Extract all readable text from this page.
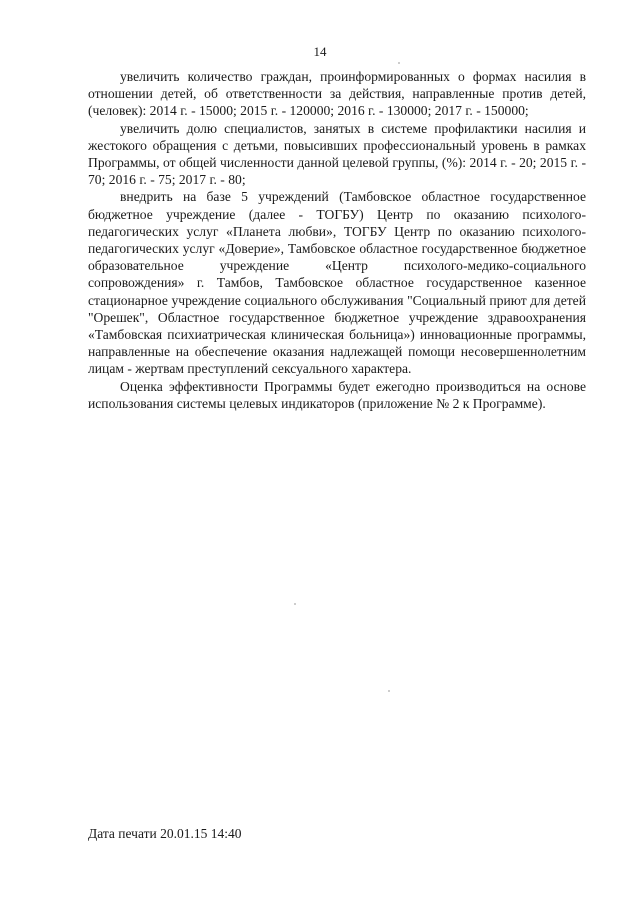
14

увеличить количество граждан, проинформированных о формах насилия в отношении детей, об ответственности за действия, направленные против детей, (человек): 2014 г. - 15000; 2015 г. - 120000; 2016 г. - 130000; 2017 г. - 150000;

увеличить долю специалистов, занятых в системе профилактики насилия и жестокого обращения с детьми, повысивших профессиональный уровень в рамках Программы, от общей численности данной целевой группы, (%): 2014 г. - 20; 2015 г. - 70; 2016 г. - 75; 2017 г. - 80;

внедрить на базе 5 учреждений (Тамбовское областное государственное бюджетное учреждение (далее - ТОГБУ) Центр по оказанию психолого-педагогических услуг «Планета любви», ТОГБУ Центр по оказанию психолого-педагогических услуг «Доверие», Тамбовское областное государственное бюджетное образовательное учреждение «Центр психолого-медико-социального сопровождения» г. Тамбов, Тамбовское областное государственное казенное стационарное учреждение социального обслуживания "Социальный приют для детей "Орешек", Областное государственное бюджетное учреждение здравоохранения «Тамбовская психиатрическая клиническая больница») инновационные программы, направленные на обеспечение оказания надлежащей помощи несовершеннолетним лицам - жертвам преступлений сексуального характера.

Оценка эффективности Программы будет ежегодно производиться на основе использования системы целевых индикаторов (приложение № 2 к Программе).

Дата печати 20.01.15 14:40
